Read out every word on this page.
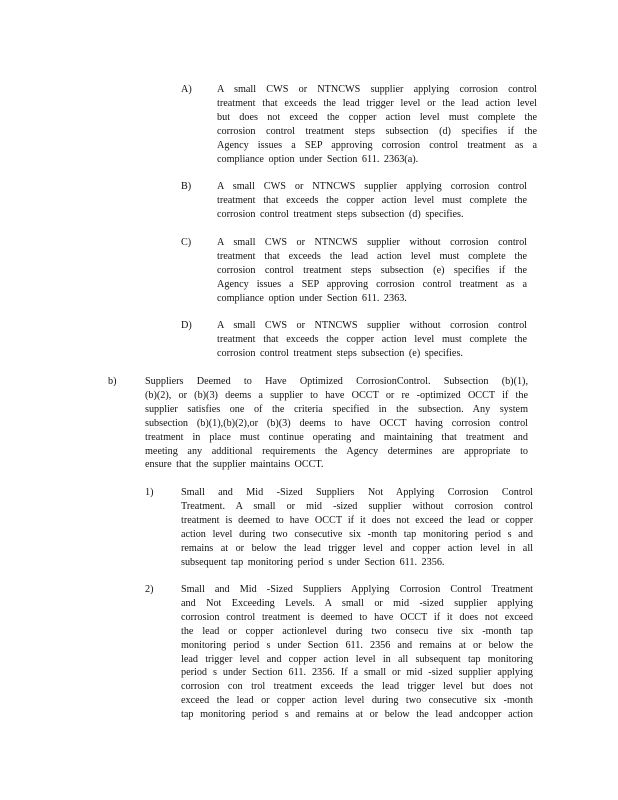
A) A small CWS or NTNCWS supplier applying corrosion control
treatment that exceeds the lead trigger level or the lead action level
but does not exceed the copper action level must complete the
corrosion control treatment steps subsection (d) specifies if the
Agency issues a SEP approving corrosion control treatment as a
compliance option under Section 611. 2363(a).
B)	A small CWS or NTNCWS supplier applying corrosion control
treatment that exceeds the copper action level must complete the
corrosion control treatment steps subsection (d) specifies.
C)	A small CWS or NTNCWS supplier without corrosion control
treatment that exceeds the lead action level must complete the
corrosion control treatment steps subsection (e) specifies if the
Agency issues a SEP approving corrosion control treatment as a
compliance option under Section 611. 2363.
D) A small CWS or NTNCWS supplier without corrosion control
treatment that exceeds the copper action level must complete the
corrosion control treatment steps subsection (e) specifies.
b)	Suppliers Deemed to Have Optimized CorrosionControl. Subsection (b)(1),
(b)(2), or (b)(3) deems a supplier to have OCCT or re -optimized OCCT if the
supplier satisfies one of the criteria specified in the subsection. Any system
subsection (b)(1),(b)(2),or (b)(3) deems to have OCCT having corrosion control
treatment in place must continue operating and maintaining that treatment and
meeting any additional requirements the Agency determines are appropriate to
ensure that the supplier maintains OCCT.
1)	Small and Mid -Sized Suppliers Not Applying Corrosion Control
Treatment. A small or mid -sized supplier without corrosion control
treatment is deemed to have OCCT if it does not exceed the lead or copper
action level during two consecutive six -month tap monitoring period s and
remains at or below the lead trigger level and copper action level in all
subsequent tap monitoring period s under Section 611. 2356.
2)	Small and Mid -Sized Suppliers Applying Corrosion Control Treatment
and Not Exceeding Levels. A small or mid -sized supplier applying
corrosion control treatment is deemed to have OCCT if it does not exceed
the lead or copper actionlevel during two consecu tive six -month tap
monitoring period s under Section 611. 2356 and remains at or below the
lead trigger level and copper action level in all subsequent tap monitoring
period s under Section 611. 2356. If a small or mid -sized supplier applying
corrosion con trol treatment exceeds the lead trigger level but does not
exceed the lead or copper action level during two consecutive six -month
tap monitoring period s and remains at or below the lead andcopper action
